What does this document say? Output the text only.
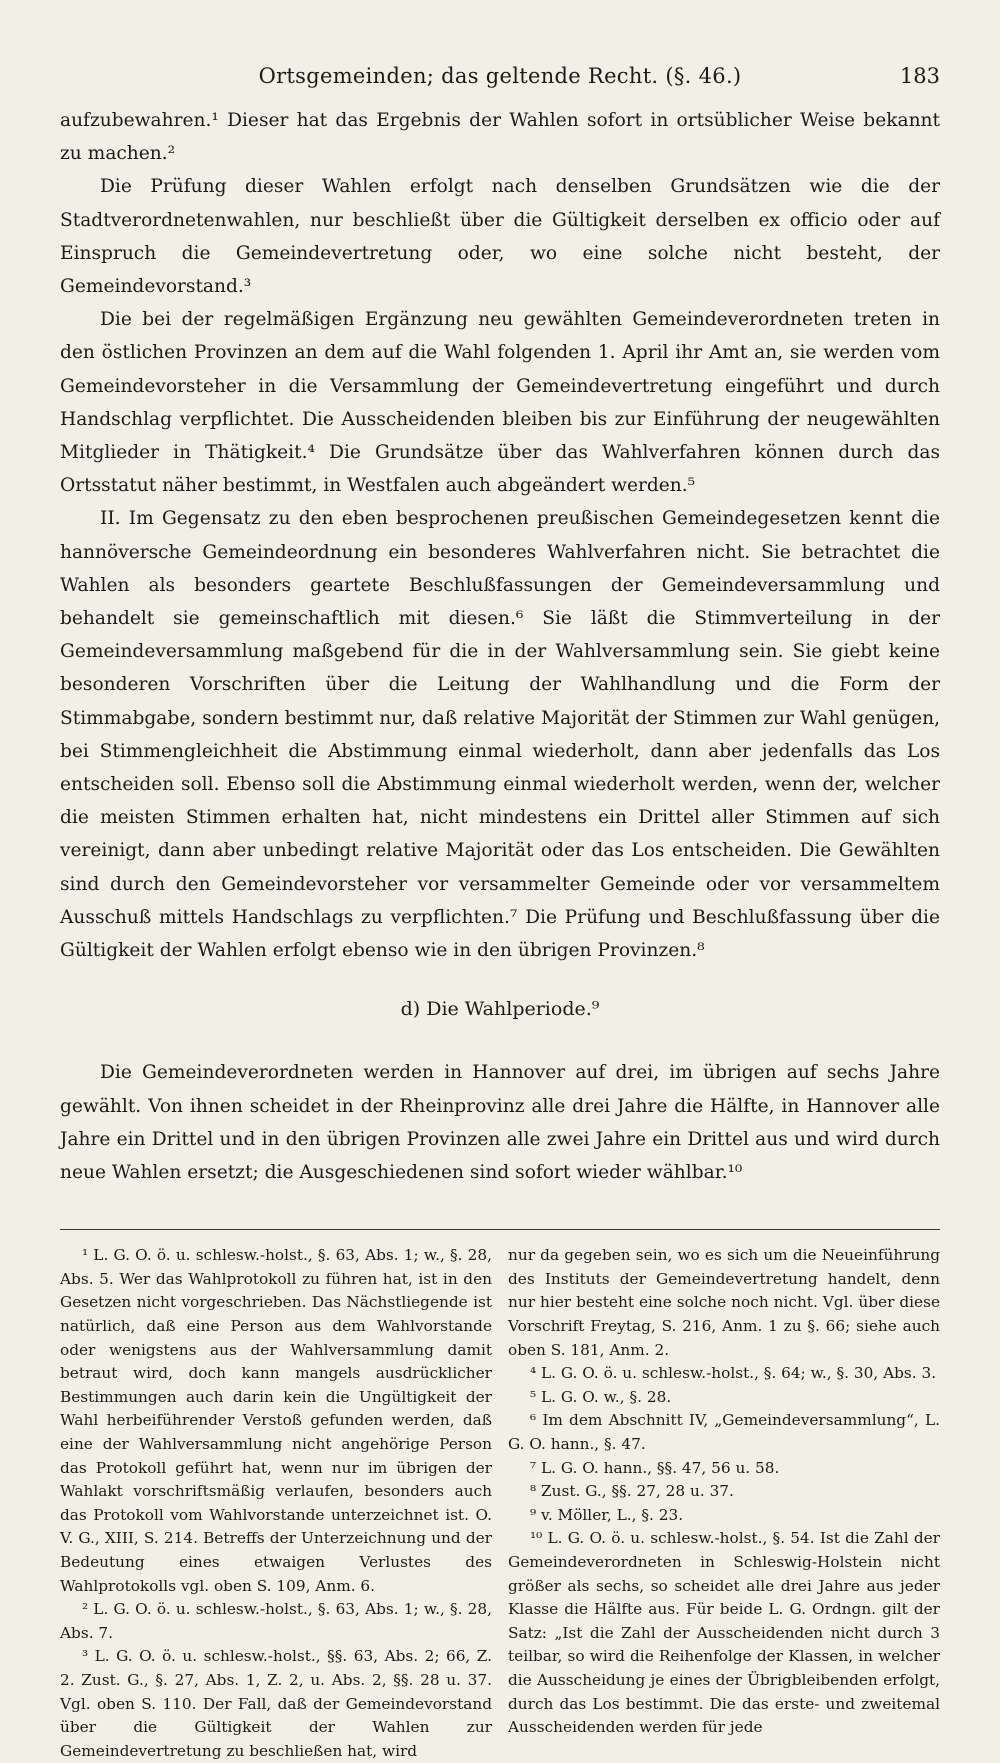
Ortsgemeinden; das geltende Recht. (§. 46.)	183

aufzubewahren.¹ Dieser hat das Ergebnis der Wahlen sofort in ortsüblicher Weise bekannt zu machen.²

Die Prüfung dieser Wahlen erfolgt nach denselben Grundsätzen wie die der Stadtverordnetenwahlen, nur beschließt über die Gültigkeit derselben ex officio oder auf Einspruch die Gemeindevertretung oder, wo eine solche nicht besteht, der Gemeindevorstand.³

Die bei der regelmäßigen Ergänzung neu gewählten Gemeindeverordneten treten in den östlichen Provinzen an dem auf die Wahl folgenden 1. April ihr Amt an, sie werden vom Gemeindevorsteher in die Versammlung der Gemeindevertretung eingeführt und durch Handschlag verpflichtet. Die Ausscheidenden bleiben bis zur Einführung der neugewählten Mitglieder in Thätigkeit.⁴ Die Grundsätze über das Wahlverfahren können durch das Ortsstatut näher bestimmt, in Westfalen auch abgeändert werden.⁵

II. Im Gegensatz zu den eben besprochenen preußischen Gemeindegesetzen kennt die hannöversche Gemeindeordnung ein besonderes Wahlverfahren nicht. Sie betrachtet die Wahlen als besonders geartete Beschlußfassungen der Gemeindeversammlung und behandelt sie gemeinschaftlich mit diesen.⁶ Sie läßt die Stimmverteilung in der Gemeindeversammlung maßgebend für die in der Wahlversammlung sein. Sie giebt keine besonderen Vorschriften über die Leitung der Wahlhandlung und die Form der Stimmabgabe, sondern bestimmt nur, daß relative Majorität der Stimmen zur Wahl genügen, bei Stimmengleichheit die Abstimmung einmal wiederholt, dann aber jedenfalls das Los entscheiden soll. Ebenso soll die Abstimmung einmal wiederholt werden, wenn der, welcher die meisten Stimmen erhalten hat, nicht mindestens ein Drittel aller Stimmen auf sich vereinigt, dann aber unbedingt relative Majorität oder das Los entscheiden. Die Gewählten sind durch den Gemeindevorsteher vor versammelter Gemeinde oder vor versammeltem Ausschuß mittels Handschlags zu verpflichten.⁷ Die Prüfung und Beschlußfassung über die Gültigkeit der Wahlen erfolgt ebenso wie in den übrigen Provinzen.⁸

d) Die Wahlperiode.⁹

Die Gemeindeverordneten werden in Hannover auf drei, im übrigen auf sechs Jahre gewählt. Von ihnen scheidet in der Rheinprovinz alle drei Jahre die Hälfte, in Hannover alle Jahre ein Drittel und in den übrigen Provinzen alle zwei Jahre ein Drittel aus und wird durch neue Wahlen ersetzt; die Ausgeschiedenen sind sofort wieder wählbar.¹⁰

¹ L. G. O. ö. u. schlesw.-holst., §. 63, Abs. 1; w., §. 28, Abs. 5. Wer das Wahlprotokoll zu führen hat, ist in den Gesetzen nicht vorgeschrieben. Das Nächstliegende ist natürlich, daß eine Person aus dem Wahlvorstande oder wenigstens aus der Wahlversammlung damit betraut wird, doch kann mangels ausdrücklicher Bestimmungen auch darin kein die Ungültigkeit der Wahl herbeiführender Verstoß gefunden werden, daß eine der Wahlversammlung nicht angehörige Person das Protokoll geführt hat, wenn nur im übrigen der Wahlakt vorschriftsmäßig verlaufen, besonders auch das Protokoll vom Wahlvorstande unterzeichnet ist. O. V. G., XIII, S. 214. Betreffs der Unterzeichnung und der Bedeutung eines etwaigen Verlustes des Wahlprotokolls vgl. oben S. 109, Anm. 6.

² L. G. O. ö. u. schlesw.-holst., §. 63, Abs. 1; w., §. 28, Abs. 7.

³ L. G. O. ö. u. schlesw.-holst., §§. 63, Abs. 2; 66, Z. 2. Zust. G., §. 27, Abs. 1, Z. 2, u. Abs. 2, §§. 28 u. 37. Vgl. oben S. 110. Der Fall, daß der Gemeindevorstand über die Gültigkeit der Wahlen zur Gemeindevertretung zu beschließen hat, wird

nur da gegeben sein, wo es sich um die Neueinführung des Instituts der Gemeindevertretung handelt, denn nur hier besteht eine solche noch nicht. Vgl. über diese Vorschrift Freytag, S. 216, Anm. 1 zu §. 66; siehe auch oben S. 181, Anm. 2.

⁴ L. G. O. ö. u. schlesw.-holst., §. 64; w., §. 30, Abs. 3.

⁵ L. G. O. w., §. 28.

⁶ Im dem Abschnitt IV, „Gemeindeversammlung“, L. G. O. hann., §. 47.

⁷ L. G. O. hann., §§. 47, 56 u. 58.

⁸ Zust. G., §§. 27, 28 u. 37.

⁹ v. Möller, L., §. 23.

¹⁰ L. G. O. ö. u. schlesw.-holst., §. 54. Ist die Zahl der Gemeindeverordneten in Schleswig-Holstein nicht größer als sechs, so scheidet alle drei Jahre aus jeder Klasse die Hälfte aus. Für beide L. G. Ordngn. gilt der Satz: „Ist die Zahl der Ausscheidenden nicht durch 3 teilbar, so wird die Reihenfolge der Klassen, in welcher die Ausscheidung je eines der Übrigbleibenden erfolgt, durch das Los bestimmt. Die das erste- und zweitemal Ausscheidenden werden für jede
